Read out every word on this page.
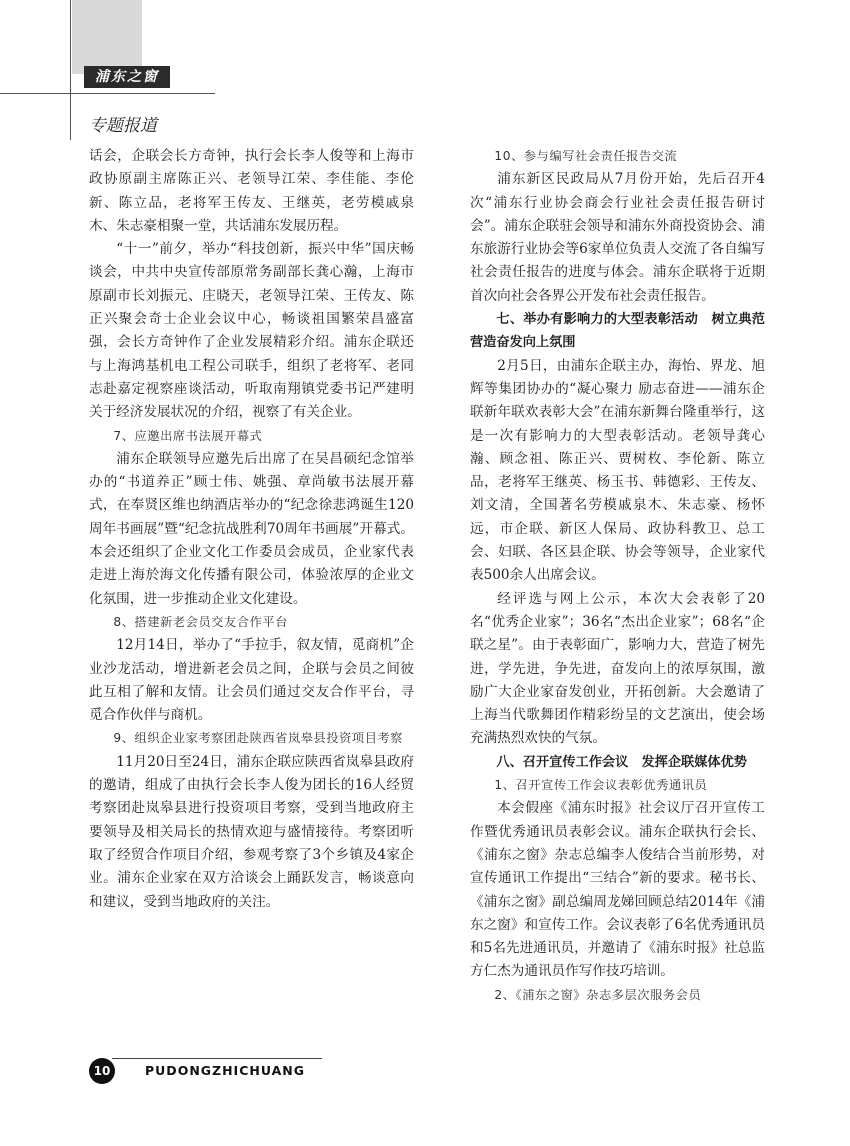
浦东之窗
专题报道

话会，企联会长方奇钟，执行会长李人俊等和上海市政协原副主席陈正兴、老领导江荣、李佳能、李伦新、陈立品，老将军王传友、王继英，老劳模戚泉木、朱志豪相聚一堂，共话浦东发展历程。

“十一”前夕，举办“科技创新，振兴中华”国庆畅谈会，中共中央宣传部原常务副部长龚心瀚，上海市原副市长刘振元、庄晓天，老领导江荣、王传友、陈正兴聚会奇士企业会议中心，畅谈祖国繁荣昌盛富强，会长方奇钟作了企业发展精彩介绍。浦东企联还与上海鸿基机电工程公司联手，组织了老将军、老同志赴嘉定视察座谈活动，听取南翔镇党委书记严建明关于经济发展状况的介绍，视察了有关企业。

7、应邀出席书法展开幕式

浦东企联领导应邀先后出席了在吴昌硕纪念馆举办的“书道养正”顾士伟、姚强、章尚敏书法展开幕式，在奉贤区维也纳酒店举办的“纪念徐悲鸿诞生120周年书画展”暨“纪念抗战胜利70周年书画展”开幕式。本会还组织了企业文化工作委员会成员，企业家代表走进上海於海文化传播有限公司，体验浓厚的企业文化氛围，进一步推动企业文化建设。

8、搭建新老会员交友合作平台

12月14日，举办了“手拉手，叙友情，觅商机”企业沙龙活动，增进新老会员之间，企联与会员之间彼此互相了解和友情。让会员们通过交友合作平台，寻觅合作伙伴与商机。

9、组织企业家考察团赴陕西省岚皋县投资项目考察

11月20日至24日，浦东企联应陕西省岚皋县政府的邀请，组成了由执行会长李人俊为团长的16人经贸考察团赴岚皋县进行投资项目考察，受到当地政府主要领导及相关局长的热情欢迎与盛情接待。考察团听取了经贸合作项目介绍，参观考察了3个乡镇及4家企业。浦东企业家在双方洽谈会上踊跃发言，畅谈意向和建议，受到当地政府的关注。

10、参与编写社会责任报告交流

浦东新区民政局从7月份开始，先后召开4次“浦东行业协会商会行业社会责任报告研讨会”。浦东企联驻会领导和浦东外商投资协会、浦东旅游行业协会等6家单位负责人交流了各自编写社会责任报告的进度与体会。浦东企联将于近期首次向社会各界公开发布社会责任报告。

七、举办有影响力的大型表彰活动　树立典范营造奋发向上氛围

2月5日，由浦东企联主办，海怡、界龙、旭辉等集团协办的“凝心聚力 励志奋进——浦东企联新年联欢表彰大会”在浦东新舞台隆重举行，这是一次有影响力的大型表彰活动。老领导龚心瀚、顾念祖、陈正兴、贾树枚、李伦新、陈立品，老将军王继英、杨玉书、韩德彩、王传友、刘文清，全国著名劳模戚泉木、朱志豪、杨怀远，市企联、新区人保局、政协科教卫、总工会、妇联、各区县企联、协会等领导，企业家代表500余人出席会议。

经评选与网上公示，本次大会表彰了20名“优秀企业家”；36名“杰出企业家”；68名“企联之星”。由于表彰面广，影响力大，营造了树先进，学先进，争先进，奋发向上的浓厚氛围，激励广大企业家奋发创业，开拓创新。大会邀请了上海当代歌舞团作精彩纷呈的文艺演出，使会场充满热烈欢快的气氛。

八、召开宣传工作会议　发挥企联媒体优势

1、召开宣传工作会议表彰优秀通讯员

本会假座《浦东时报》社会议厅召开宣传工作暨优秀通讯员表彰会议。浦东企联执行会长、《浦东之窗》杂志总编李人俊结合当前形势，对宣传通讯工作提出“三结合”新的要求。秘书长、《浦东之窗》副总编周龙娣回顾总结2014年《浦东之窗》和宣传工作。会议表彰了6名优秀通讯员和5名先进通讯员，并邀请了《浦东时报》社总监方仁杰为通讯员作写作技巧培训。

2、《浦东之窗》杂志多层次服务会员

10	PUDONGZHICHUANG
